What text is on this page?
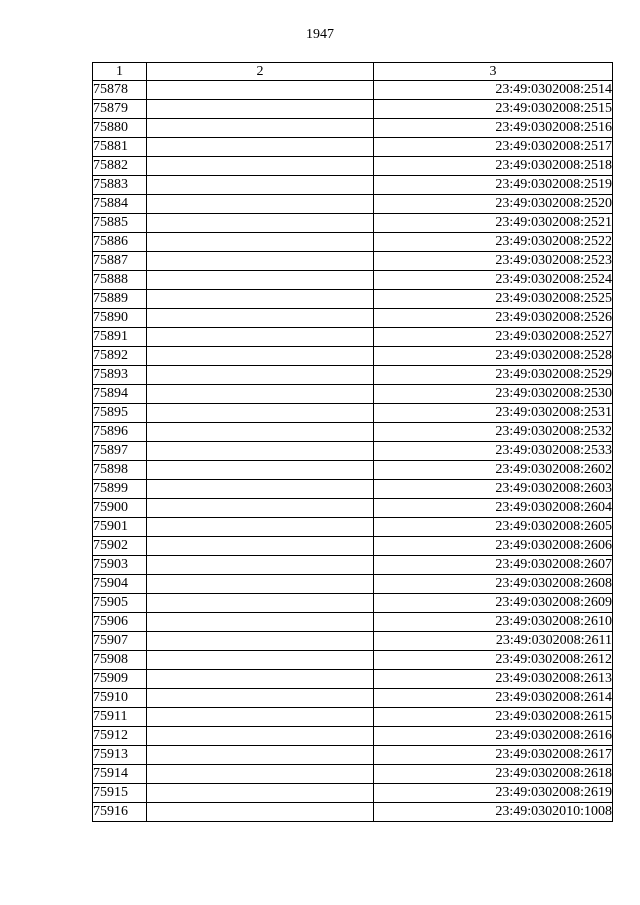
1947
1	2	3
75878		23:49:0302008:2514
75879		23:49:0302008:2515
75880		23:49:0302008:2516
75881		23:49:0302008:2517
75882		23:49:0302008:2518
75883		23:49:0302008:2519
75884		23:49:0302008:2520
75885		23:49:0302008:2521
75886		23:49:0302008:2522
75887		23:49:0302008:2523
75888		23:49:0302008:2524
75889		23:49:0302008:2525
75890		23:49:0302008:2526
75891		23:49:0302008:2527
75892		23:49:0302008:2528
75893		23:49:0302008:2529
75894		23:49:0302008:2530
75895		23:49:0302008:2531
75896		23:49:0302008:2532
75897		23:49:0302008:2533
75898		23:49:0302008:2602
75899		23:49:0302008:2603
75900		23:49:0302008:2604
75901		23:49:0302008:2605
75902		23:49:0302008:2606
75903		23:49:0302008:2607
75904		23:49:0302008:2608
75905		23:49:0302008:2609
75906		23:49:0302008:2610
75907		23:49:0302008:2611
75908		23:49:0302008:2612
75909		23:49:0302008:2613
75910		23:49:0302008:2614
75911		23:49:0302008:2615
75912		23:49:0302008:2616
75913		23:49:0302008:2617
75914		23:49:0302008:2618
75915		23:49:0302008:2619
75916		23:49:0302010:1008
